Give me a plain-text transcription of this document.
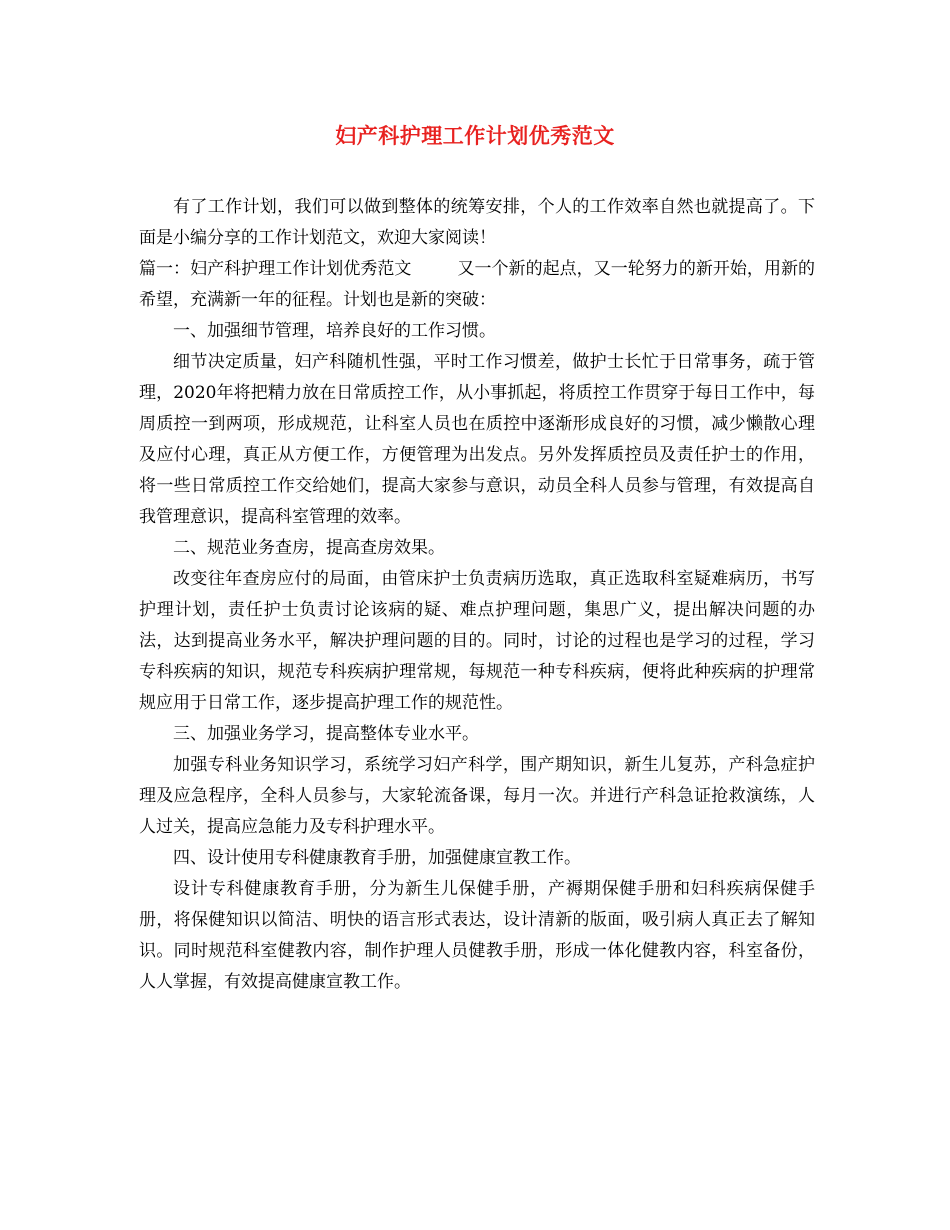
妇产科护理工作计划优秀范文

有了工作计划，我们可以做到整体的统筹安排，个人的工作效率自然也就提高了。下面是小编分享的工作计划范文，欢迎大家阅读！

篇一：妇产科护理工作计划优秀范文	又一个新的起点，又一轮努力的新开始，用新的希望，充满新一年的征程。计划也是新的突破：

一、加强细节管理，培养良好的工作习惯。

细节决定质量，妇产科随机性强，平时工作习惯差，做护士长忙于日常事务，疏于管理，2020年将把精力放在日常质控工作，从小事抓起，将质控工作贯穿于每日工作中，每周质控一到两项，形成规范，让科室人员也在质控中逐渐形成良好的习惯，减少懒散心理及应付心理，真正从方便工作，方便管理为出发点。另外发挥质控员及责任护士的作用，将一些日常质控工作交给她们，提高大家参与意识，动员全科人员参与管理，有效提高自我管理意识，提高科室管理的效率。

二、规范业务查房，提高查房效果。

改变往年查房应付的局面，由管床护士负责病历选取，真正选取科室疑难病历，书写护理计划，责任护士负责讨论该病的疑、难点护理问题，集思广义，提出解决问题的办法，达到提高业务水平，解决护理问题的目的。同时，讨论的过程也是学习的过程，学习专科疾病的知识，规范专科疾病护理常规，每规范一种专科疾病，便将此种疾病的护理常规应用于日常工作，逐步提高护理工作的规范性。

三、加强业务学习，提高整体专业水平。

加强专科业务知识学习，系统学习妇产科学，围产期知识，新生儿复苏，产科急症护理及应急程序，全科人员参与，大家轮流备课，每月一次。并进行产科急证抢救演练，人人过关，提高应急能力及专科护理水平。

四、设计使用专科健康教育手册，加强健康宣教工作。

设计专科健康教育手册，分为新生儿保健手册，产褥期保健手册和妇科疾病保健手册，将保健知识以简洁、明快的语言形式表达，设计清新的版面，吸引病人真正去了解知识。同时规范科室健教内容，制作护理人员健教手册，形成一体化健教内容，科室备份，人人掌握，有效提高健康宣教工作。
